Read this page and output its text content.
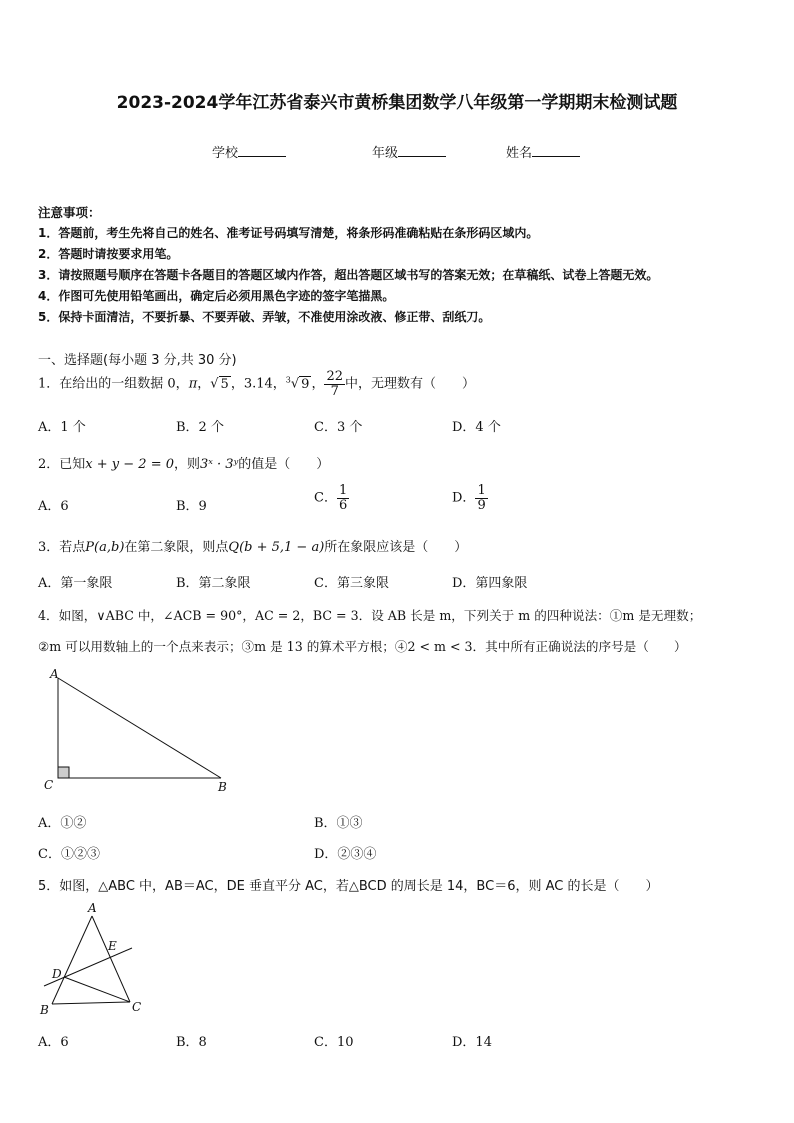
2023-2024学年江苏省泰兴市黄桥集团数学八年级第一学期期末检测试题
学校	年级	姓名
注意事项：
1．答题前，考生先将自己的姓名、准考证号码填写清楚，将条形码准确粘贴在条形码区域内。
2．答题时请按要求用笔。
3．请按照题号顺序在答题卡各题目的答题区域内作答，超出答题区域书写的答案无效；在草稿纸、试卷上答题无效。
4．作图可先使用铅笔画出，确定后必须用黑色字迹的签字笔描黑。
5．保持卡面清洁，不要折暴、不要弄破、弄皱，不准使用涂改液、修正带、刮纸刀。
一、选择题(每小题 3 分,共 30 分)
1．在给出的一组数据 0，π，√ 5 ，3.14，$^3$√ 9 ， $\frac{22}{7}$ 中，无理数有（　　）
A．1 个	B．2 个	C．3 个	D．4 个
2．已知x + y − 2 = 0，则3ˣ · 3ʸ的值是（　　）
A．6	B．9
C． $\frac{1}{6}$	D． $\frac{1}{9}$
3．若点P(a,b)在第二象限，则点Q(b + 5,1 − a)所在象限应该是（　　）
A．第一象限	B．第二象限	C．第三象限	D．第四象限
4．如图，∨ABC 中，∠ACB = 90°，AC = 2，BC = 3．设 AB 长是 m，下列关于 m 的四种说法：①m 是无理数；
②m 可以用数轴上的一个点来表示；③m 是 13 的算术平方根；④2 < m < 3．其中所有正确说法的序号是（　　）
A
C	B
A．①②	B．①③
C．①②③	D．②③④
5．如图，△ABC 中，AB＝AC，DE 垂直平分 AC，若△BCD 的周长是 14，BC＝6，则 AC 的长是（　　）
A
D
E
B	C
A．6	B．8	C．10	D．14
